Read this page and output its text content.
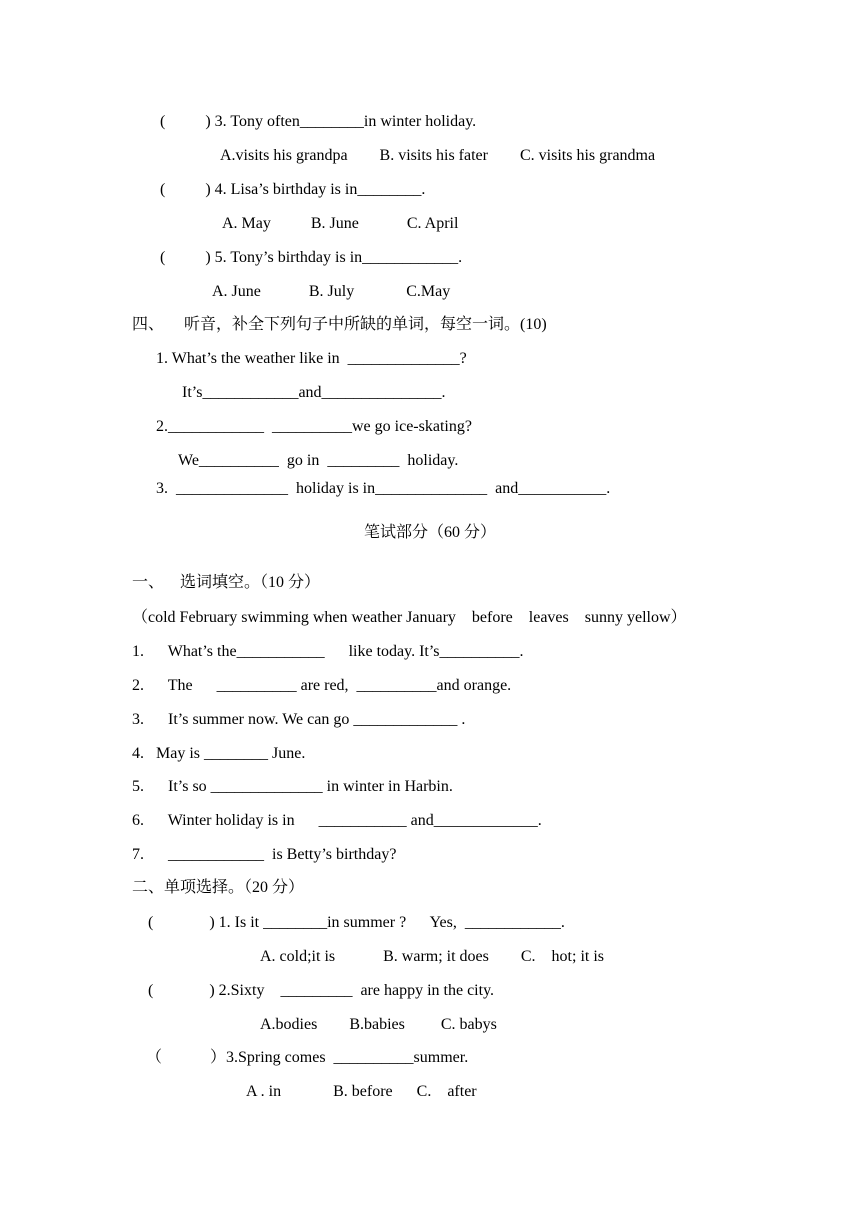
(          ) 3. Tony often________in winter holiday.
A.visits his grandpa        B. visits his fater        C. visits his grandma
(          ) 4. Lisa’s birthday is in________.
A. May          B. June            C. April
(          ) 5. Tony’s birthday is in____________.
A. June            B. July             C.May
四、     听音，补全下列句子中所缺的单词，每空一词。(10)
1. What’s the weather like in  ______________?
It’s____________and_______________.
2.____________  __________we go ice-skating?
We__________  go in  _________  holiday.
3.  ______________  holiday is in______________  and___________.
笔试部分（60 分）
一、    选词填空。（10 分）
（cold February swimming when weather January    before    leaves    sunny yellow）
1.      What’s the___________      like today. It’s__________.
2.      The      __________ are red,  __________and orange.
3.      It’s summer now. We can go _____________ .
4.   May is ________ June.
5.      It’s so ______________ in winter in Harbin.
6.      Winter holiday is in      ___________ and_____________.
7.      ____________  is Betty’s birthday?
二、单项选择。（20 分）
(              ) 1. Is it ________in summer ?      Yes,  ____________.
A. cold;it is            B. warm; it does        C.    hot; it is
(              ) 2.Sixty    _________  are happy in the city.
A.bodies        B.babies         C. babys
（            ）3.Spring comes  __________summer.
A . in             B. before      C.    after
